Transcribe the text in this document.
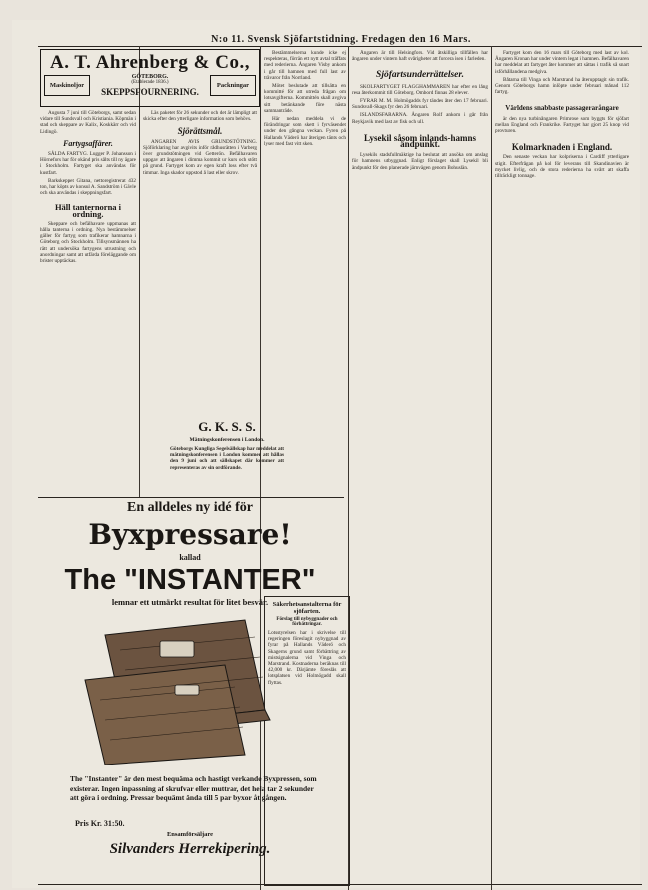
N:o 11. Svensk Sjöfartstidning. Fredagen den 16 Mars.
A. T. Ahrenberg & Co.,
GÖTEBORG.
(Etablerade 1836.)
SKEPPSFOURNERING.
Maskinoljor	Packningar

Augusta 7 juni till Göteborgs, samt sedan vidare till Sundsvall och Kristiania. Köpmän i stad och skeppare av Kalix, Koskkärr och vid Lidingö.

Fartygsaffärer.

SÅLDA FARTYG. Lugger P. Johansson i Hörnefors har för okänd pris sålts till ny ägare i Stockholm. Fartyget ska användas för kustfart.

Barkskeppet Gitana, nettoregistrerat 432 ton, har köpts av konsul A. Sandström i Gävle och ska användas i skeppningsfart.

Häll tanternorna i ordning.

Skeppare och befälhavare uppmanas att hålla tanterna i ordning. Nya bestämmelser gäller för fartyg som trafikerar hamnarna i Göteborg och Stockholm. Tillsynsmännen ha rätt att undersöka fartygens utrustning och anordningar samt att utfärda föreläggande om brister upptäckas.

Läs paketet för 26 sekunder och det är lämpligt att skicka efter den ytterligare information som behövs.

Sjörättsmål.

ANGAREN AVIS GRUNDSTÖTNING. Sjöförklaring har avgivits inför rådhusrätten i Varberg över grundstötningen vid Getterön. Befälhavaren uppgav att ångaren i dimma kommit ur kurs och stött på grund. Fartyget kom av egen kraft loss efter två timmar. Inga skador uppstod å last eller skrov.

G. K. S. S.
Mätningskonferensen i London.
Göteborgs Kungliga Segelsällskap har meddelat att mätningskonferensen i London kommer att hållas den 9 juni och att sällskapet där kommer att representeras av sin ordförande.

Bestämmelserna kunde icke ej respekteras, förrän ett nytt avtal träffats med rederierna. Ångaren Visby ankom i går till hamnen med full last av trävaror från Norrland.

Mötet beslutade att tillsätta en kommitté för att utreda frågan om lotsavgifterna. Kommittén skall avgiva sitt betänkande före nästa sammanträde.

Här nedan meddela vi de förändringar som skett i fyrväsendet under den gångna veckan. Fyren på Hallands Väderö har återigen tänts och lyser med fast vitt sken.

Säkerhetsanstalterna för sjöfarten.
Förslag till nybyggnader och förbättringar.
Lotsstyrelsen har i skrivelse till regeringen föreslagit nybyggnad av fyrar på Hallands Väderö och Skagerns grund samt förbättring av mistsignalerna vid Vinga och Marstrand. Kostnaderna beräknas till 42,000 kr. Därjämte föreslås att lotsplatsen vid Holmögadd skall flyttas.

Ångaren är till Helsingfors. Vid åtskilliga tillfällen har ångaren under vintern haft svårigheter att forcera isen i farleden.

Sjöfartsunderrättelser.

SKOLFARTYGET FLAGGHAMMAREN har efter en lång resa återkommit till Göteborg. Ombord finnas 28 elever.

FYRAR M. M. Holmögadds fyr tändes åter den 17 februari. Sundsvall-Skags fyr den 26 februari.

ISLANDSFARARNA. Ångaren Rolf ankom i går från Reykjavik med last av fisk och ull.

Lysekil såsom inlands-hamns ändpunkt.

Lysekils stadsfullmäktige ha beslutat att ansöka om anslag för hamnens utbyggnad. Enligt förslaget skall Lysekil bli ändpunkt för den planerade järnvägen genom Bohuslän.

Fartyget kom den 16 mars till Göteborg med last av kol. Ångaren Kronan har under vintern legat i hamnen. Befälhavaren har meddelat att fartyget åter kommer att sättas i trafik så snart isförhållandena medgiva.

Båtarna till Vinga och Marstrand ha återupptagit sin trafik. Genom Göteborgs hamn inlöpte under februari månad 112 fartyg.

Världens snabbaste passagerarångare

är den nya turbinångaren Primrose som byggts för sjöfart mellan England och Frankrike. Fartyget har gjort 25 knop vid provturen.

Kolmarknaden i England.

Den senaste veckan har kolpriserna i Cardiff ytterligare stigit. Efterfrågan på kol för leverans till Skandinavien är mycket livlig, och de stora rederierna ha svårt att skaffa tillräckligt tonnage.

En alldeles ny idé för
Byxpressare!
kallad
The "INSTANTER"
lemnar ett utmärkt resultat för litet besvär.
The "Instanter" är den mest bequäma och hastigt verkande Byxpressen, som existerar. Ingen inpassning af skrufvar eller muttrar, det hela tar 2 sekunder att göra i ordning. Pressar bequämt ända till 5 par byxor åt gången.
Pris Kr. 31:50.
Ensamförsäljare
Silvanders Herrekipering.
